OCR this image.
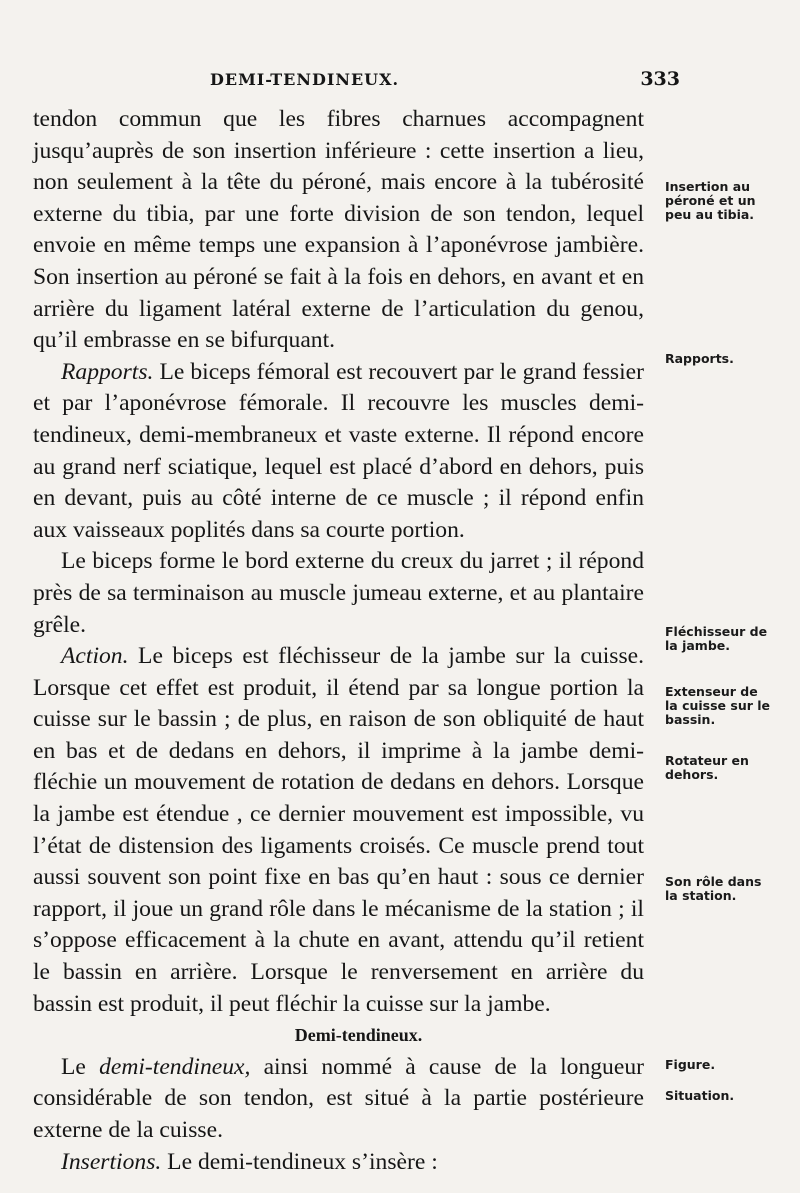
DEMI-TENDINEUX.	333

tendon commun que les fibres charnues accompagnent jusqu’auprès de son insertion inférieure : cette insertion a lieu, non seulement à la tête du péroné, mais encore à la tubérosité externe du tibia, par une forte division de son tendon, lequel envoie en même temps une expansion à l’aponévrose jambière. Son insertion au péroné se fait à la fois en dehors, en avant et en arrière du ligament latéral externe de l’articulation du genou, qu’il embrasse en se bifurquant.

Rapports. Le biceps fémoral est recouvert par le grand fessier et par l’aponévrose fémorale. Il recouvre les muscles demi-tendineux, demi-membraneux et vaste externe. Il répond encore au grand nerf sciatique, lequel est placé d’abord en dehors, puis en devant, puis au côté interne de ce muscle ; il répond enfin aux vaisseaux poplités dans sa courte portion.

Le biceps forme le bord externe du creux du jarret ; il répond près de sa terminaison au muscle jumeau externe, et au plantaire grêle.

Action. Le biceps est fléchisseur de la jambe sur la cuisse. Lorsque cet effet est produit, il étend par sa longue portion la cuisse sur le bassin ; de plus, en raison de son obliquité de haut en bas et de dedans en dehors, il imprime à la jambe demi-fléchie un mouvement de rotation de dedans en dehors. Lorsque la jambe est étendue , ce dernier mouvement est impossible, vu l’état de distension des ligaments croisés. Ce muscle prend tout aussi souvent son point fixe en bas qu’en haut : sous ce dernier rapport, il joue un grand rôle dans le mécanisme de la station ; il s’oppose efficacement à la chute en avant, attendu qu’il retient le bassin en arrière. Lorsque le renversement en arrière du bassin est produit, il peut fléchir la cuisse sur la jambe.

Demi-tendineux.

Le demi-tendineux, ainsi nommé à cause de la longueur considérable de son tendon, est situé à la partie postérieure externe de la cuisse.

Insertions. Le demi-tendineux s’insère :

Insertion au péroné et un peu au tibia.
Rapports.
Fléchisseur de la jambe.
Extenseur de la cuisse sur le bassin.
Rotateur en dehors.
Son rôle dans la station.
Figure.
Situation.
